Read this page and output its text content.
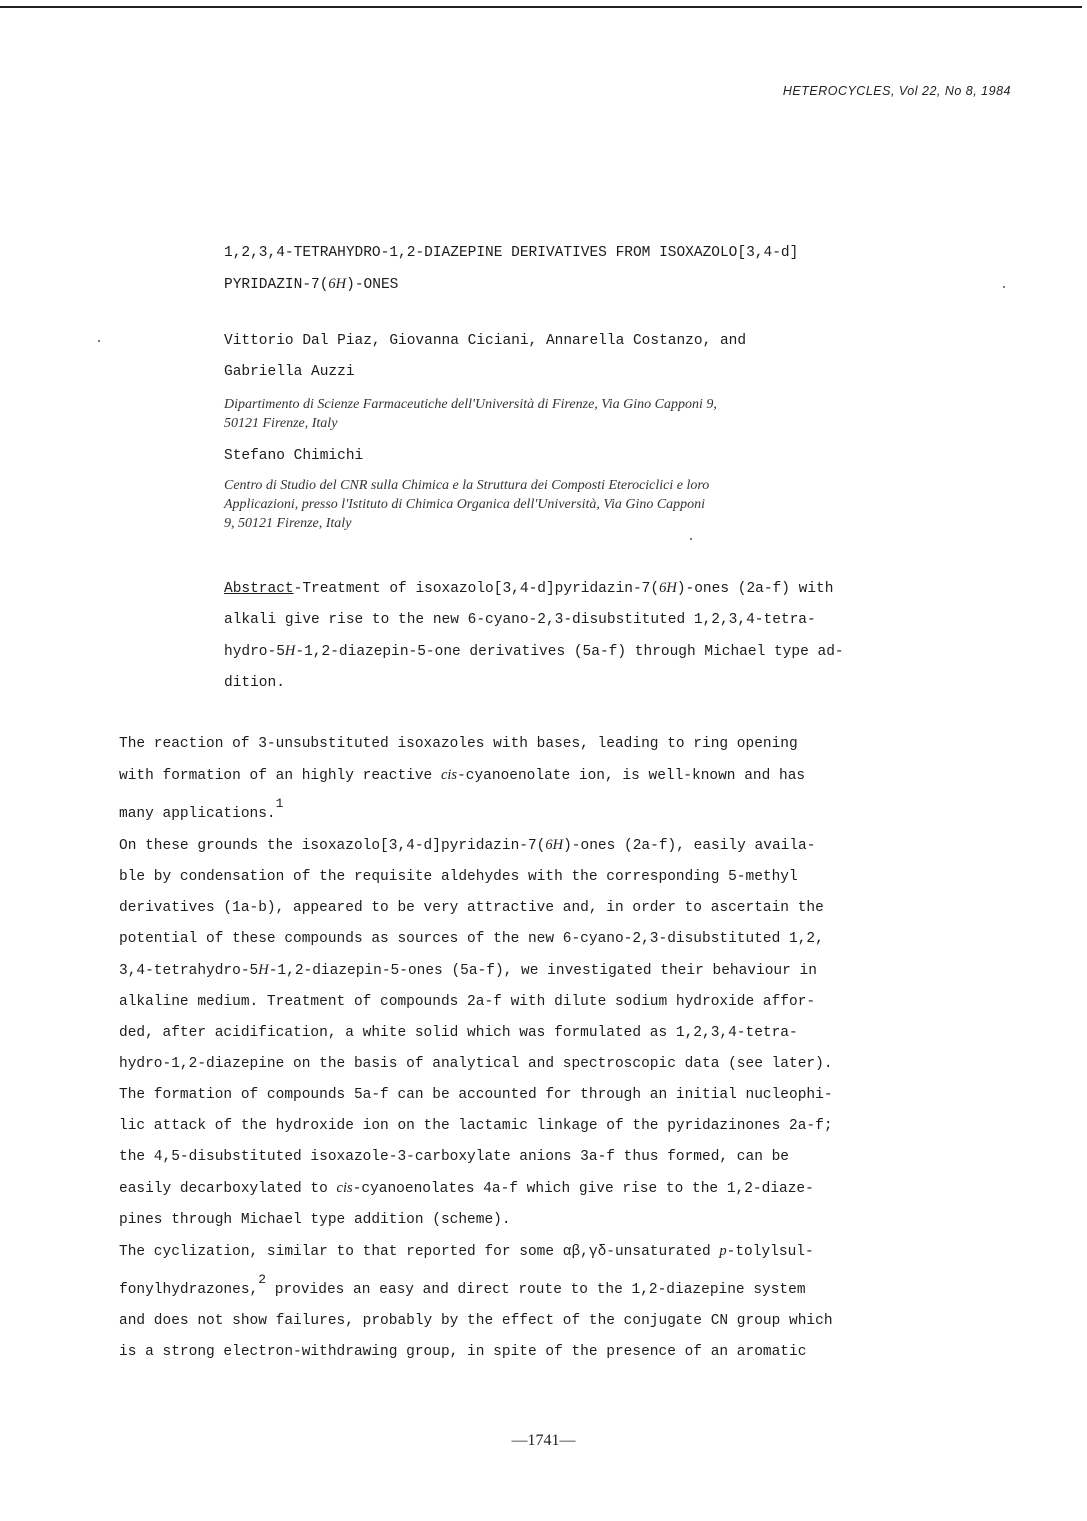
HETEROCYCLES, Vol 22, No 8, 1984
1,2,3,4-TETRAHYDRO-1,2-DIAZEPINE DERIVATIVES FROM ISOXAZOLO[3,4-d]
PYRIDAZIN-7(6H)-ONES
Vittorio Dal Piaz, Giovanna Ciciani, Annarella Costanzo, and
Gabriella Auzzi
Dipartimento di Scienze Farmaceutiche dell'Università di Firenze, Via Gino Capponi 9,
50121 Firenze, Italy
Stefano Chimichi
Centro di Studio del CNR sulla Chimica e la Struttura dei Composti Eterociclici e loro
Applicazioni, presso l'Istituto di Chimica Organica dell'Università, Via Gino Capponi
9, 50121 Firenze, Italy
Abstract-Treatment of isoxazolo[3,4-d]pyridazin-7(6H)-ones (2a-f) with
alkali give rise to the new 6-cyano-2,3-disubstituted 1,2,3,4-tetra-
hydro-5H-1,2-diazepin-5-one derivatives (5a-f) through Michael type ad-
dition.
The reaction of 3-unsubstituted isoxazoles with bases, leading to ring opening
with formation of an highly reactive cis-cyanoenolate ion, is well-known and has
many applications.$^1$
On these grounds the isoxazolo[3,4-d]pyridazin-7(6H)-ones (2a-f), easily availa-
ble by condensation of the requisite aldehydes with the corresponding 5-methyl
derivatives (1a-b), appeared to be very attractive and, in order to ascertain the
potential of these compounds as sources of the new 6-cyano-2,3-disubstituted 1,2,
3,4-tetrahydro-5H-1,2-diazepin-5-ones (5a-f), we investigated their behaviour in
alkaline medium. Treatment of compounds 2a-f with dilute sodium hydroxide affor-
ded, after acidification, a white solid which was formulated as 1,2,3,4-tetra-
hydro-1,2-diazepine on the basis of analytical and spectroscopic data (see later).
The formation of compounds 5a-f can be accounted for through an initial nucleophi-
lic attack of the hydroxide ion on the lactamic linkage of the pyridazinones 2a-f;
the 4,5-disubstituted isoxazole-3-carboxylate anions 3a-f thus formed, can be
easily decarboxylated to cis-cyanoenolates 4a-f which give rise to the 1,2-diaze-
pines through Michael type addition (scheme).
The cyclization, similar to that reported for some αβ,γδ-unsaturated p-tolylsul-
fonylhydrazones,$^2$ provides an easy and direct route to the 1,2-diazepine system
and does not show failures, probably by the effect of the conjugate CN group which
is a strong electron-withdrawing group, in spite of the presence of an aromatic
—1741—
